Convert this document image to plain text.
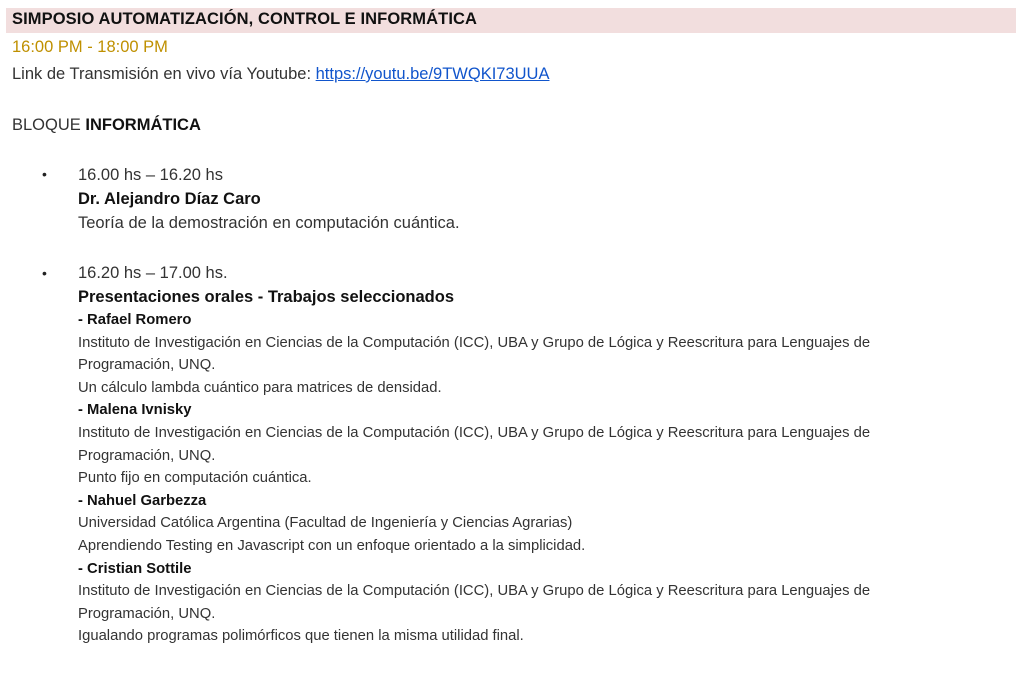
SIMPOSIO AUTOMATIZACIÓN, CONTROL E INFORMÁTICA
16:00 PM - 18:00 PM
Link de Transmisión en vivo vía Youtube: https://youtu.be/9TWQKI73UUA
BLOQUE INFORMÁTICA
• 16.00 hs – 16.20 hs
Dr. Alejandro Díaz Caro
Teoría de la demostración en computación cuántica.
• 16.20 hs – 17.00 hs.
Presentaciones orales - Trabajos seleccionados
- Rafael Romero
Instituto de Investigación en Ciencias de la Computación (ICC), UBA y Grupo de Lógica y Reescritura para Lenguajes de
Programación, UNQ.
Un cálculo lambda cuántico para matrices de densidad.
- Malena Ivnisky
Instituto de Investigación en Ciencias de la Computación (ICC), UBA y Grupo de Lógica y Reescritura para Lenguajes de
Programación, UNQ.
Punto fijo en computación cuántica.
- Nahuel Garbezza
Universidad Católica Argentina (Facultad de Ingeniería y Ciencias Agrarias)
Aprendiendo Testing en Javascript con un enfoque orientado a la simplicidad.
- Cristian Sottile
Instituto de Investigación en Ciencias de la Computación (ICC), UBA y Grupo de Lógica y Reescritura para Lenguajes de
Programación, UNQ.
Igualando programas polimórficos que tienen la misma utilidad final.
